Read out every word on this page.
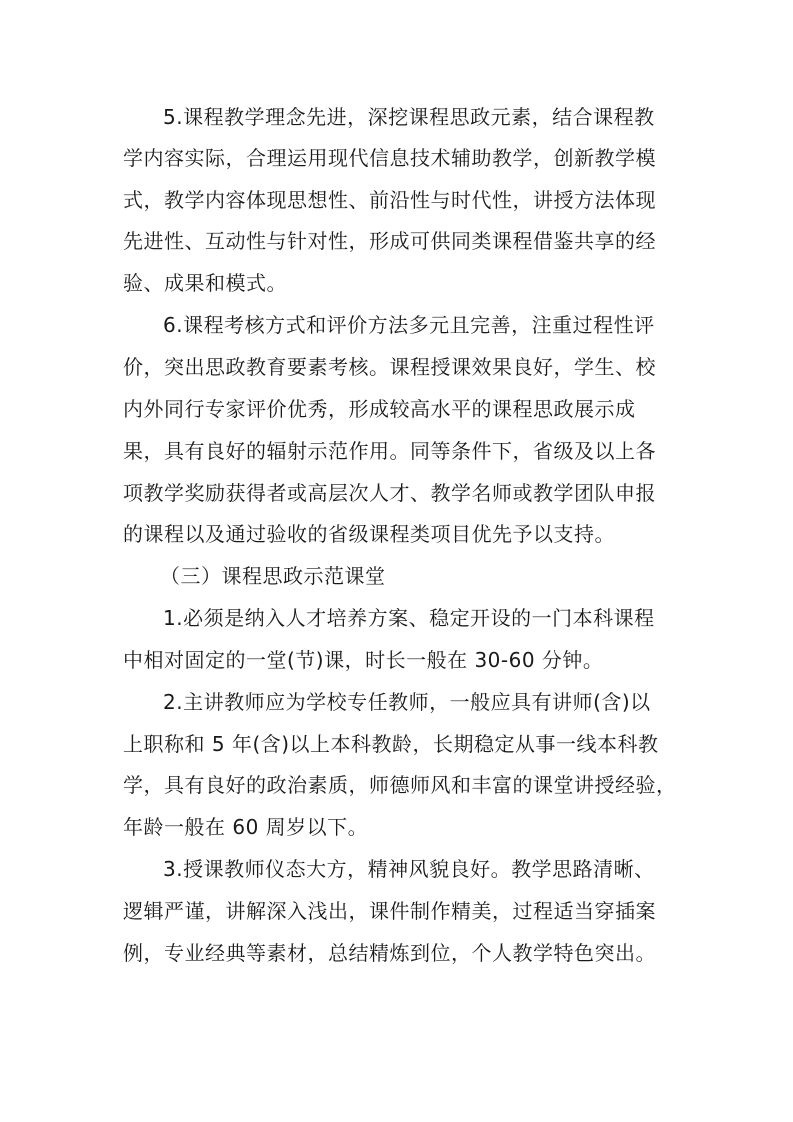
5.课程教学理念先进，深挖课程思政元素，结合课程教
学内容实际，合理运用现代信息技术辅助教学，创新教学模
式，教学内容体现思想性、前沿性与时代性，讲授方法体现
先进性、互动性与针对性，形成可供同类课程借鉴共享的经
验、成果和模式。
6.课程考核方式和评价方法多元且完善，注重过程性评
价，突出思政教育要素考核。课程授课效果良好，学生、校
内外同行专家评价优秀，形成较高水平的课程思政展示成
果，具有良好的辐射示范作用。同等条件下，省级及以上各
项教学奖励获得者或高层次人才、教学名师或教学团队申报
的课程以及通过验收的省级课程类项目优先予以支持。
（三）课程思政示范课堂
1.必须是纳入人才培养方案、稳定开设的一门本科课程
中相对固定的一堂(节)课，时长一般在 30-60 分钟。
2.主讲教师应为学校专任教师，一般应具有讲师(含)以
上职称和 5 年(含)以上本科教龄，长期稳定从事一线本科教
学，具有良好的政治素质，师德师风和丰富的课堂讲授经验，
年龄一般在 60 周岁以下。
3.授课教师仪态大方，精神风貌良好。教学思路清晰、
逻辑严谨，讲解深入浅出，课件制作精美，过程适当穿插案
例，专业经典等素材，总结精炼到位，个人教学特色突出。
